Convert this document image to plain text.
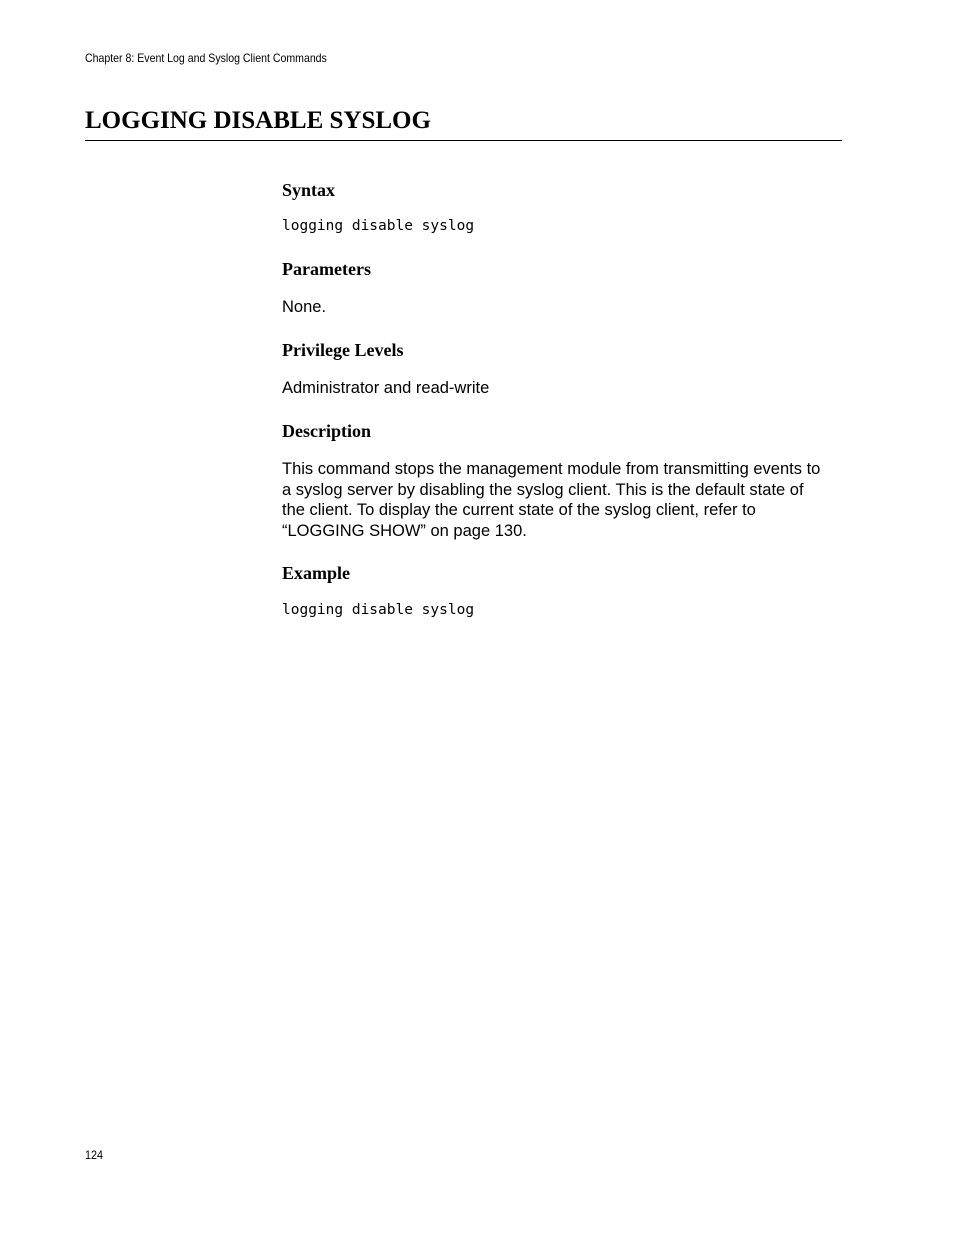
Chapter 8: Event Log and Syslog Client Commands
LOGGING DISABLE SYSLOG
Syntax
logging disable syslog
Parameters

None.

Privilege Levels

Administrator and read-write

Description
This command stops the management module from transmitting events to
a syslog server by disabling the syslog client. This is the default state of
the client. To display the current state of the syslog client, refer to
“LOGGING SHOW” on page 130.
Example
logging disable syslog
124
